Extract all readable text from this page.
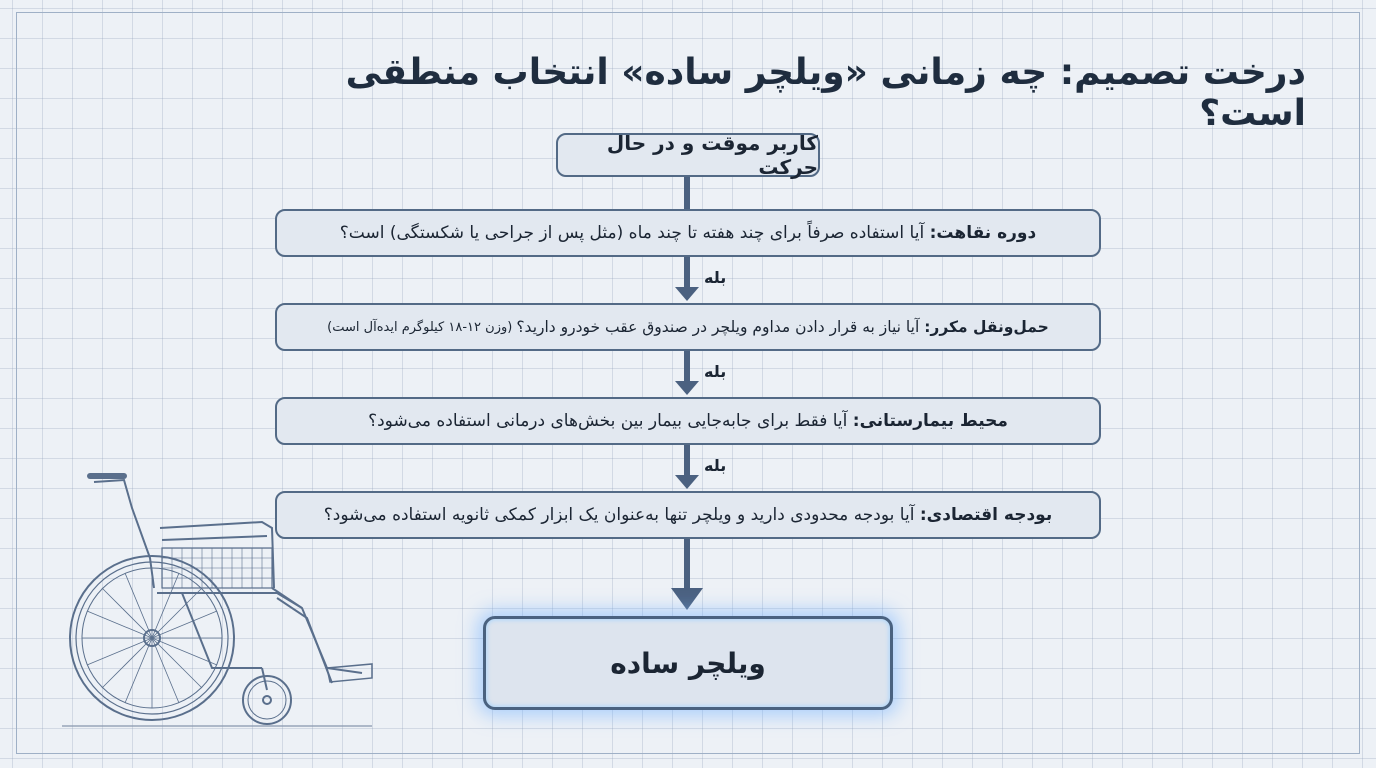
درخت تصمیم: چه زمانی «ویلچر ساده» انتخاب منطقی است؟
کاربر موقت و در حال حرکت
دوره نقاهت:

آیا استفاده صرفاً برای چند هفته تا چند ماه (مثل پس از جراحی یا شکستگی) است؟
بله
حمل‌ونقل مکرر:

آیا نیاز به قرار دادن مداوم ویلچر در صندوق عقب خودرو دارید؟
(وزن ۱۲-۱۸ کیلوگرم ایده‌آل است)
بله
محیط بیمارستانی:

آیا فقط برای جابه‌جایی بیمار بین بخش‌های درمانی استفاده می‌شود؟
بله
بودجه اقتصادی:

آیا بودجه محدودی دارید و ویلچر تنها به‌عنوان یک ابزار کمکی ثانویه استفاده می‌شود؟
ویلچر ساده
